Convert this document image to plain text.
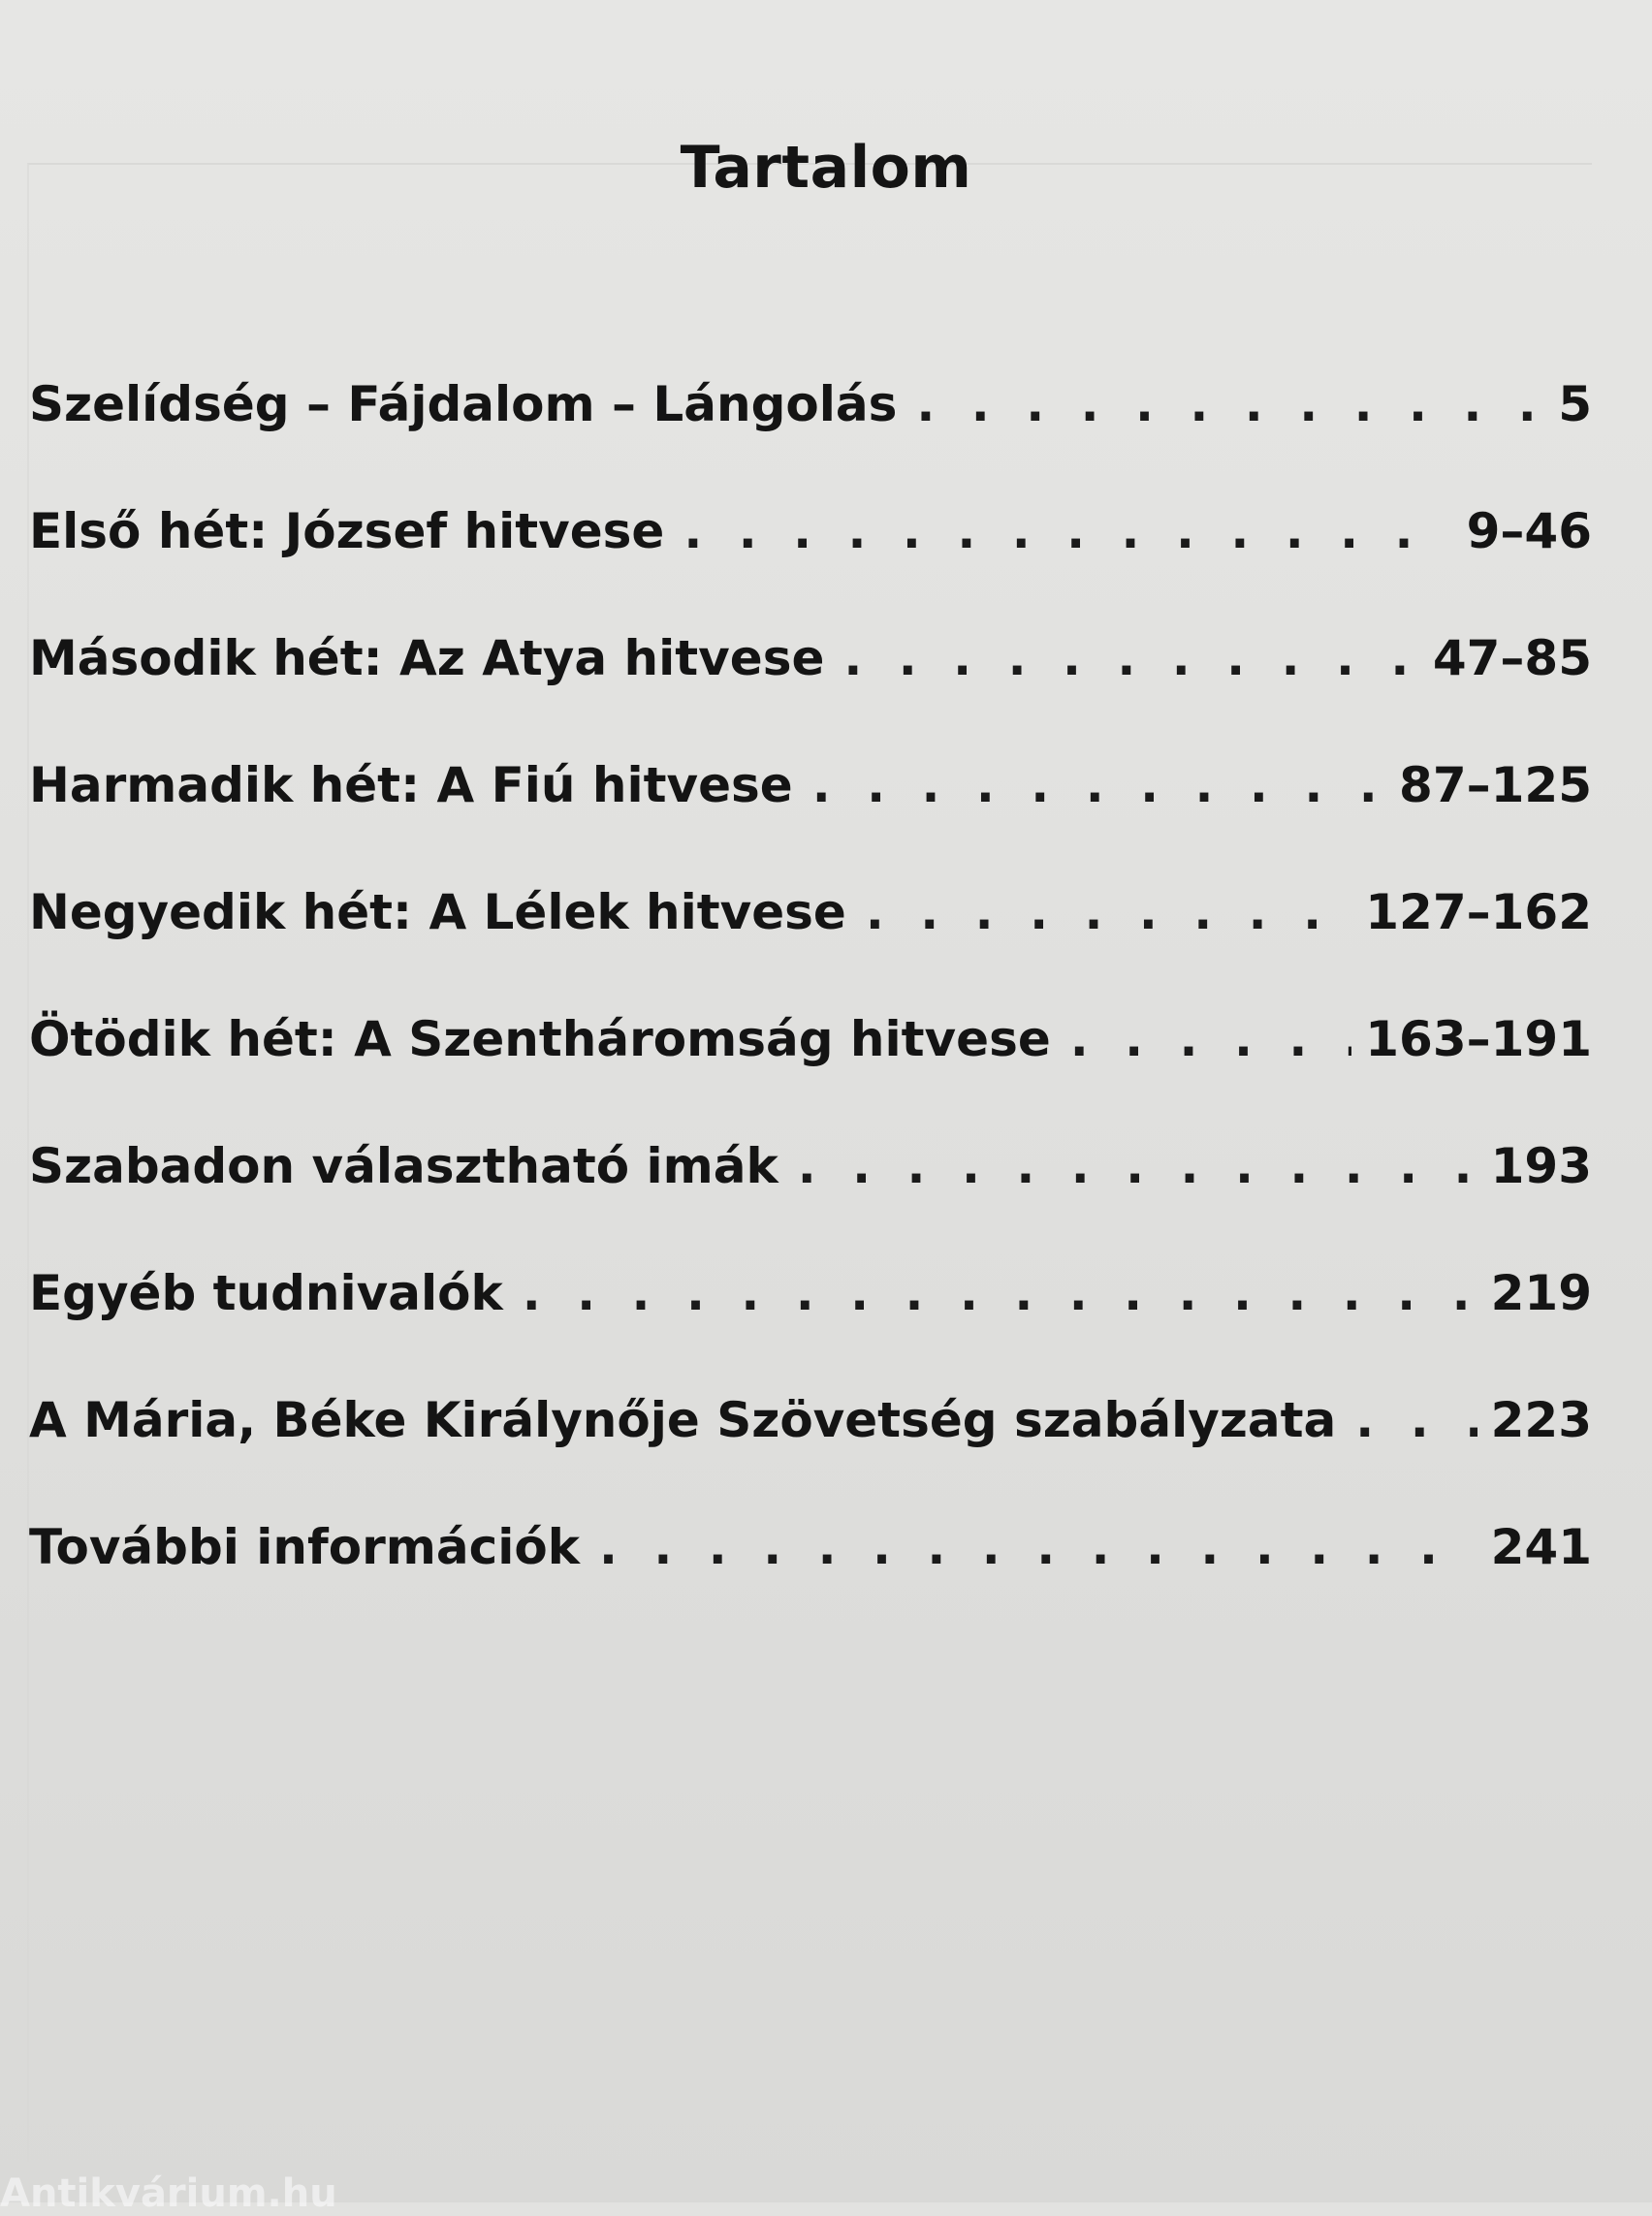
Tartalom
Szelídség – Fájdalom – Lángolás . . .	5
Első hét: József hitvese . . .	9–46
Második hét: Az Atya hitvese . . .	47–85
Harmadik hét: A Fiú hitvese . . .	87–125
Negyedik hét: A Lélek hitvese . . .	127–162
Ötödik hét: A Szentháromság hitvese . . .	163–191
Szabadon választható imák . . .	193
Egyéb tudnivalók . . .	219
A Mária, Béke Királynője Szövetség szabályzata . . .	223
További információk . . .	241
Antikvárium.hu
